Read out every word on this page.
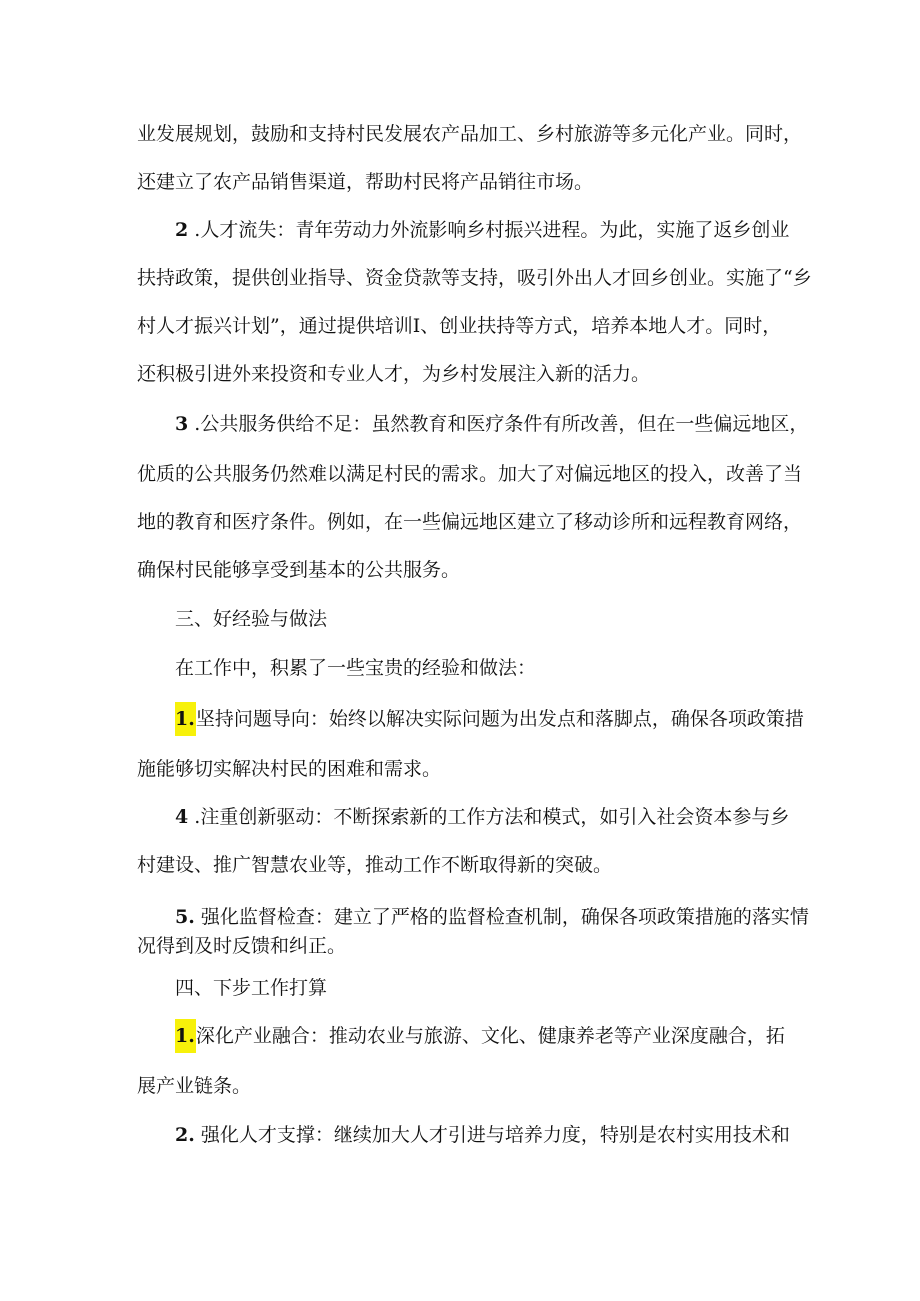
业发展规划，鼓励和支持村民发展农产品加工、乡村旅游等多元化产业。同时，
还建立了农产品销售渠道，帮助村民将产品销往市场。
2 .人才流失：青年劳动力外流影响乡村振兴进程。为此，实施了返乡创业
扶持政策，提供创业指导、资金贷款等支持，吸引外出人才回乡创业。实施了“乡
村人才振兴计划”，通过提供培训I、创业扶持等方式，培养本地人才。同时，
还积极引进外来投资和专业人才，为乡村发展注入新的活力。
3 .公共服务供给不足：虽然教育和医疗条件有所改善，但在一些偏远地区，
优质的公共服务仍然难以满足村民的需求。加大了对偏远地区的投入，改善了当
地的教育和医疗条件。例如，在一些偏远地区建立了移动诊所和远程教育网络，
确保村民能够享受到基本的公共服务。
三、好经验与做法
在工作中，积累了一些宝贵的经验和做法：
1.坚持问题导向：始终以解决实际问题为出发点和落脚点，确保各项政策措
施能够切实解决村民的困难和需求。
4 .注重创新驱动：不断探索新的工作方法和模式，如引入社会资本参与乡
村建设、推广智慧农业等，推动工作不断取得新的突破。
5. 强化监督检查：建立了严格的监督检查机制，确保各项政策措施的落实情
况得到及时反馈和纠正。
四、下步工作打算
1.深化产业融合：推动农业与旅游、文化、健康养老等产业深度融合，拓
展产业链条。
2. 强化人才支撑：继续加大人才引进与培养力度，特别是农村实用技术和
